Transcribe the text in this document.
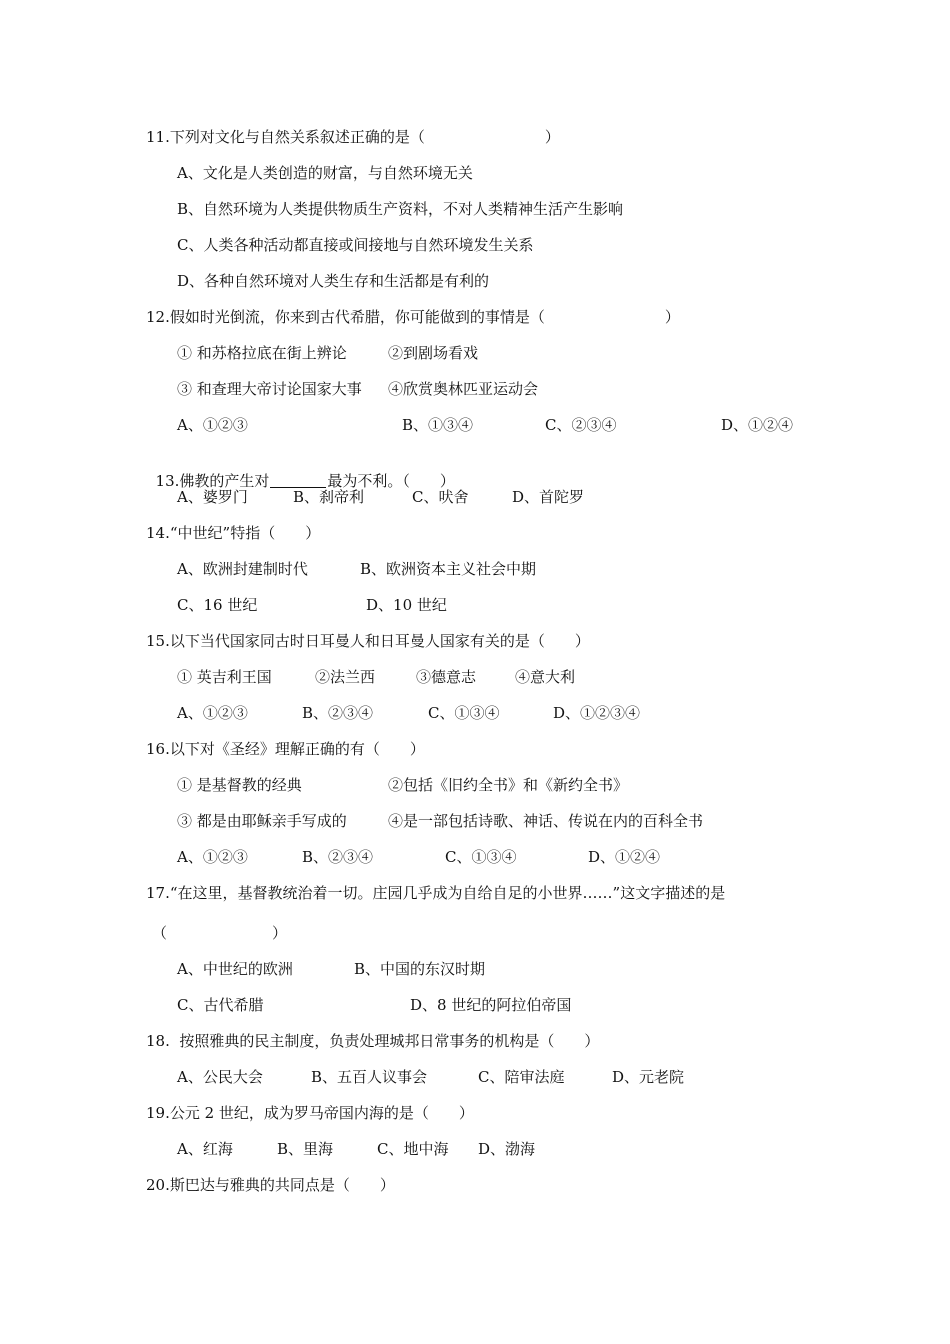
11.下列对文化与自然关系叙述正确的是（　　　　　　　　）
A、文化是人类创造的财富，与自然环境无关
B、自然环境为人类提供物质生产资料，不对人类精神生活产生影响
C、人类各种活动都直接或间接地与自然环境发生关系
D、各种自然环境对人类生存和生活都是有利的
12.假如时光倒流，你来到古代希腊，你可能做到的事情是（　　　　　　　　）
① 和苏格拉底在街上辨论	②到剧场看戏
③ 和查理大帝讨论国家大事 ④欣赏奥林匹亚运动会
A、①②③	B、①③④	C、②③④	D、①②④

13.佛教的产生对	最为不利。（　　）

A、婆罗门	B、刹帝利	C、吠舍	D、首陀罗
14.“中世纪”特指（　　）
A、欧洲封建制时代	B、欧洲资本主义社会中期
C、16 世纪	D、10 世纪
15.以下当代国家同古时日耳曼人和日耳曼人国家有关的是（　　）
① 英吉利王国	②法兰西	③德意志	④意大利
A、①②③	B、②③④	C、①③④	D、①②③④
16.以下对《圣经》理解正确的有（　　）
① 是基督教的经典	②包括《旧约全书》和《新约全书》
③ 都是由耶稣亲手写成的	④是一部包括诗歌、神话、传说在内的百科全书
A、①②③	B、②③④	C、①③④	D、①②④
17.“在这里，基督教统治着一切。庄园几乎成为自给自足的小世界……”这文字描述的是
（　　　　　　　）
A、中世纪的欧洲	B、中国的东汉时期
C、古代希腊	D、8 世纪的阿拉伯帝国
18.  按照雅典的民主制度，负责处理城邦日常事务的机构是（　　）
A、公民大会	B、五百人议事会	C、陪审法庭	D、元老院
19.公元 2 世纪，成为罗马帝国内海的是（　　）
A、红海	B、里海	C、地中海 D、渤海
20.斯巴达与雅典的共同点是（　　）
